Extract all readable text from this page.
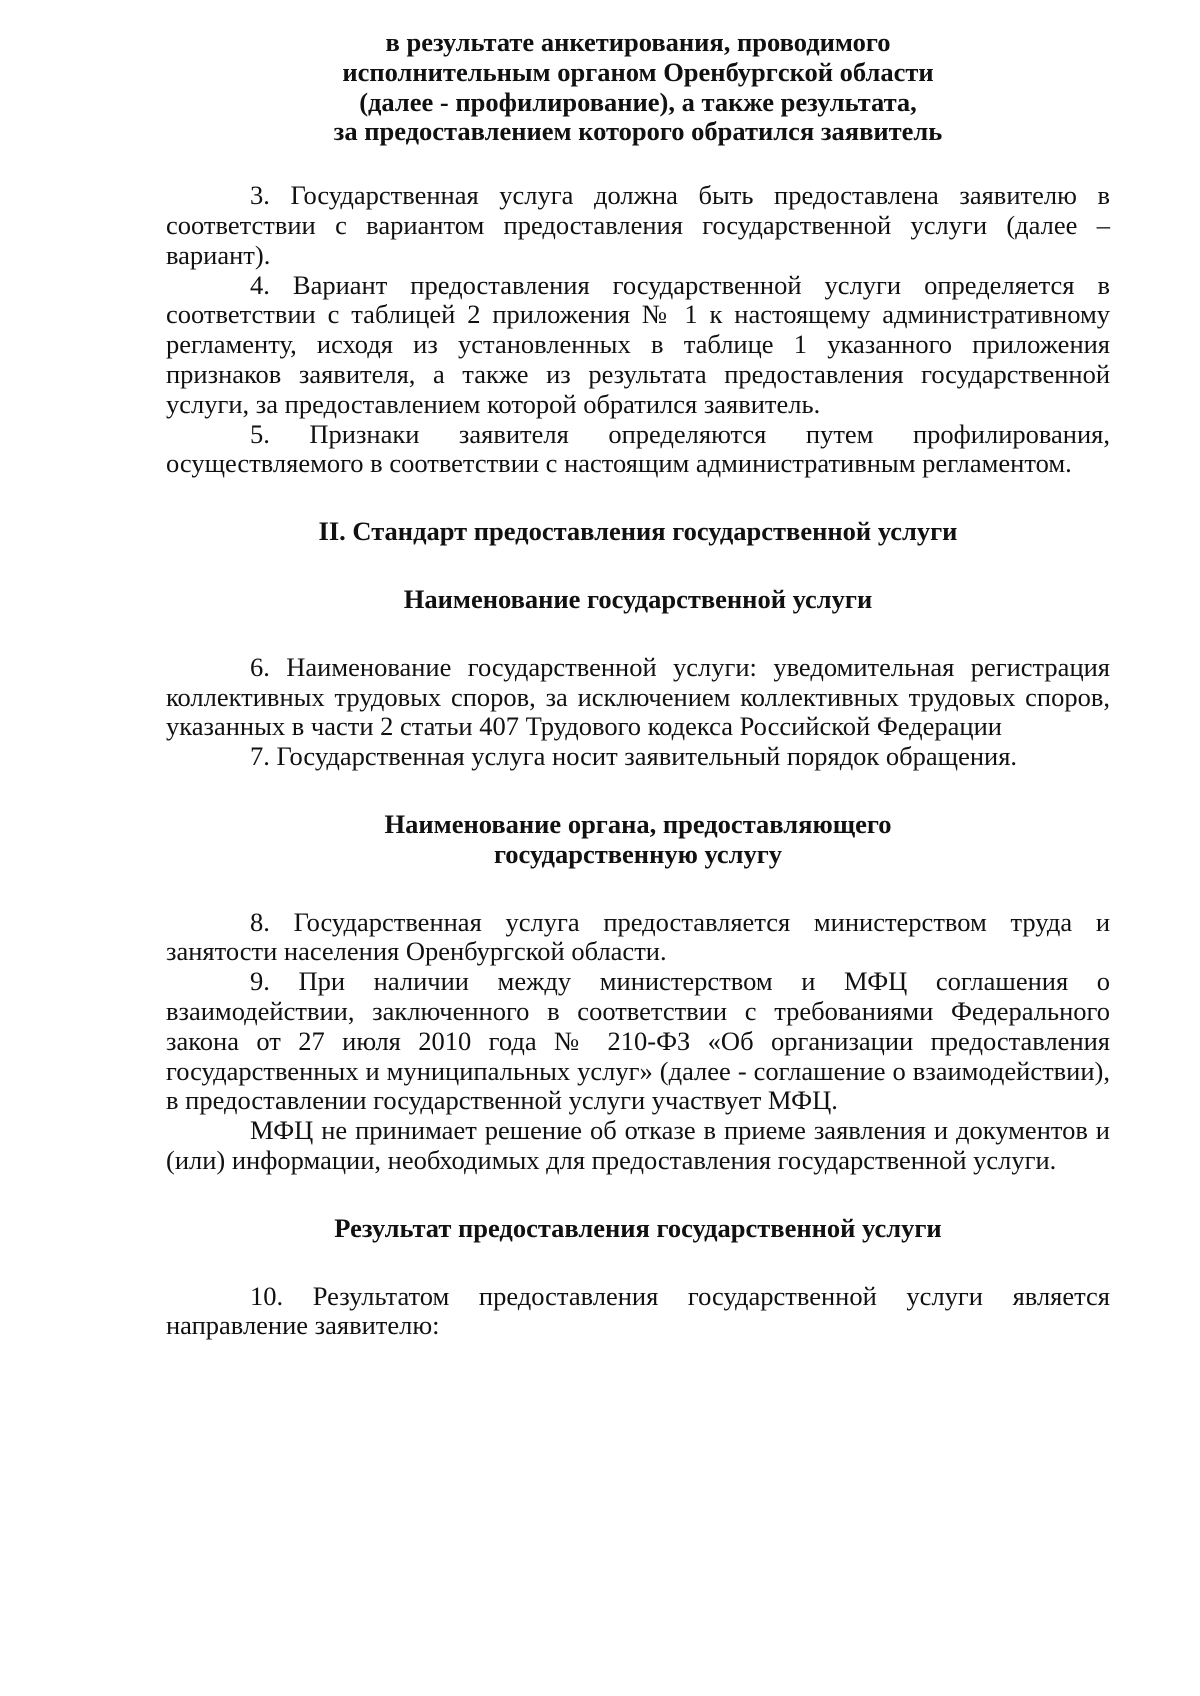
в результате анкетирования, проводимого
исполнительным органом Оренбургской области
(далее - профилирование), а также результата,
за предоставлением которого обратился заявитель

3. Государственная услуга должна быть предоставлена заявителю в соответствии с вариантом предоставления государственной услуги (далее – вариант).

4. Вариант предоставления государственной услуги определяется в соответствии с таблицей 2 приложения № 1 к настоящему административному регламенту, исходя из установленных в таблице 1 указанного приложения признаков заявителя, а также из результата предоставления государственной услуги, за предоставлением которой обратился заявитель.

5. Признаки заявителя определяются путем профилирования, осуществляемого в соответствии с настоящим административным регламентом.

II. Стандарт предоставления государственной услуги
Наименование государственной услуги

6. Наименование государственной услуги: уведомительная регистрация коллективных трудовых споров, за исключением коллективных трудовых споров, указанных в части 2 статьи 407 Трудового кодекса Российской Федерации

7. Государственная услуга носит заявительный порядок обращения.

Наименование органа, предоставляющего
государственную услугу

8. Государственная услуга предоставляется министерством труда и занятости населения Оренбургской области.

9. При наличии между министерством и МФЦ соглашения о взаимодействии, заключенного в соответствии с требованиями Федерального закона от 27 июля 2010 года № 210-ФЗ «Об организации предоставления государственных и муниципальных услуг» (далее - соглашение о взаимодействии), в предоставлении государственной услуги участвует МФЦ.

МФЦ не принимает решение об отказе в приеме заявления и документов и (или) информации, необходимых для предоставления государственной услуги.

Результат предоставления государственной услуги

10. Результатом предоставления государственной услуги является направление заявителю:
